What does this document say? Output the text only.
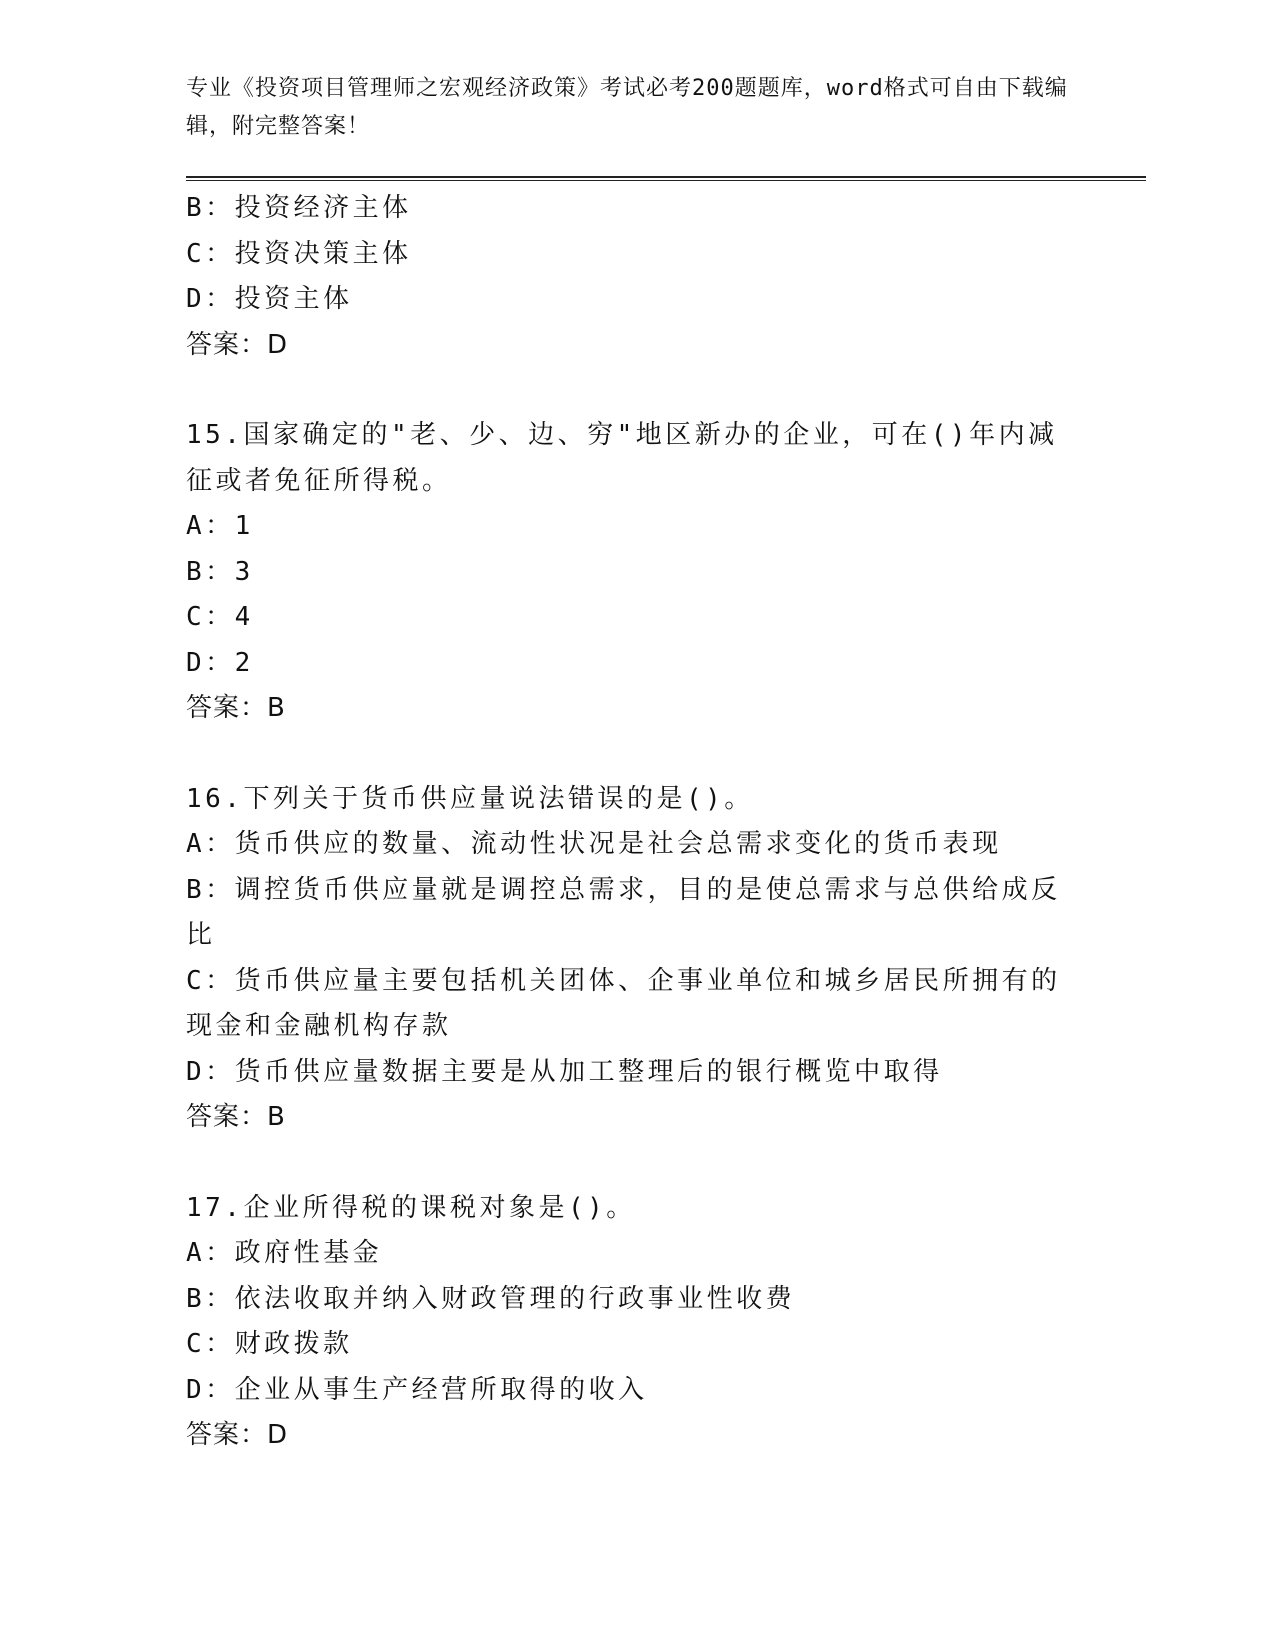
专业《投资项目管理师之宏观经济政策》考试必考200题题库，word格式可自由下载编辑，附完整答案！
B：投资经济主体
C：投资决策主体
D：投资主体
答案：D
15.国家确定的"老、少、边、穷"地区新办的企业，可在()年内减征或者免征所得税。
A：1
B：3
C：4
D：2
答案：B
16.下列关于货币供应量说法错误的是()。
A：货币供应的数量、流动性状况是社会总需求变化的货币表现
B：调控货币供应量就是调控总需求，目的是使总需求与总供给成反比
C：货币供应量主要包括机关团体、企事业单位和城乡居民所拥有的现金和金融机构存款
D：货币供应量数据主要是从加工整理后的银行概览中取得
答案：B
17.企业所得税的课税对象是()。
A：政府性基金
B：依法收取并纳入财政管理的行政事业性收费
C：财政拨款
D：企业从事生产经营所取得的收入
答案：D
